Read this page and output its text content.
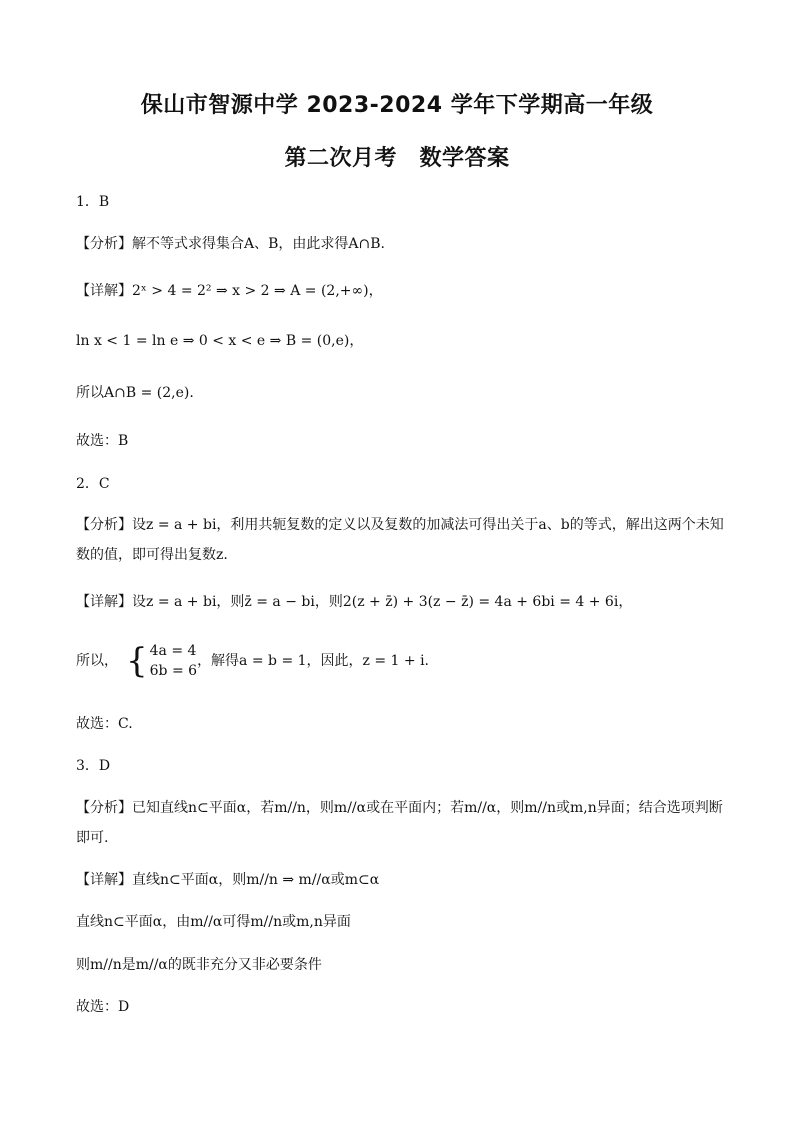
保山市智源中学 2023-2024 学年下学期高一年级
第二次月考　数学答案
1．B
【分析】解不等式求得集合A、B，由此求得A∩B.
【详解】2ˣ > 4 = 2² ⇒ x > 2 ⇒ A = (2,+∞)，
ln x < 1 = ln e ⇒ 0 < x < e ⇒ B = (0,e)，
所以A∩B = (2,e).
故选：B
2．C
【分析】设z = a + bi，利用共轭复数的定义以及复数的加减法可得出关于a、b的等式，解出这两个未知数的值，即可得出复数z.
【详解】设z = a + bi，则z̄ = a − bi，则2(z + z̄) + 3(z − z̄) = 4a + 6bi = 4 + 6i，
所以， { 4a = 4
6b = 6
，解得a = b = 1，因此，z = 1 + i.
故选：C.
3．D
【分析】已知直线n⊂平面α，若m//n，则m//α或在平面内；若m//α，则m//n或m,n异面；结合选项判断即可.
【详解】直线n⊂平面α，则m//n ⇒ m//α或m⊂α
直线n⊂平面α，由m//α可得m//n或m,n异面
则m//n是m//α的既非充分又非必要条件
故选：D
